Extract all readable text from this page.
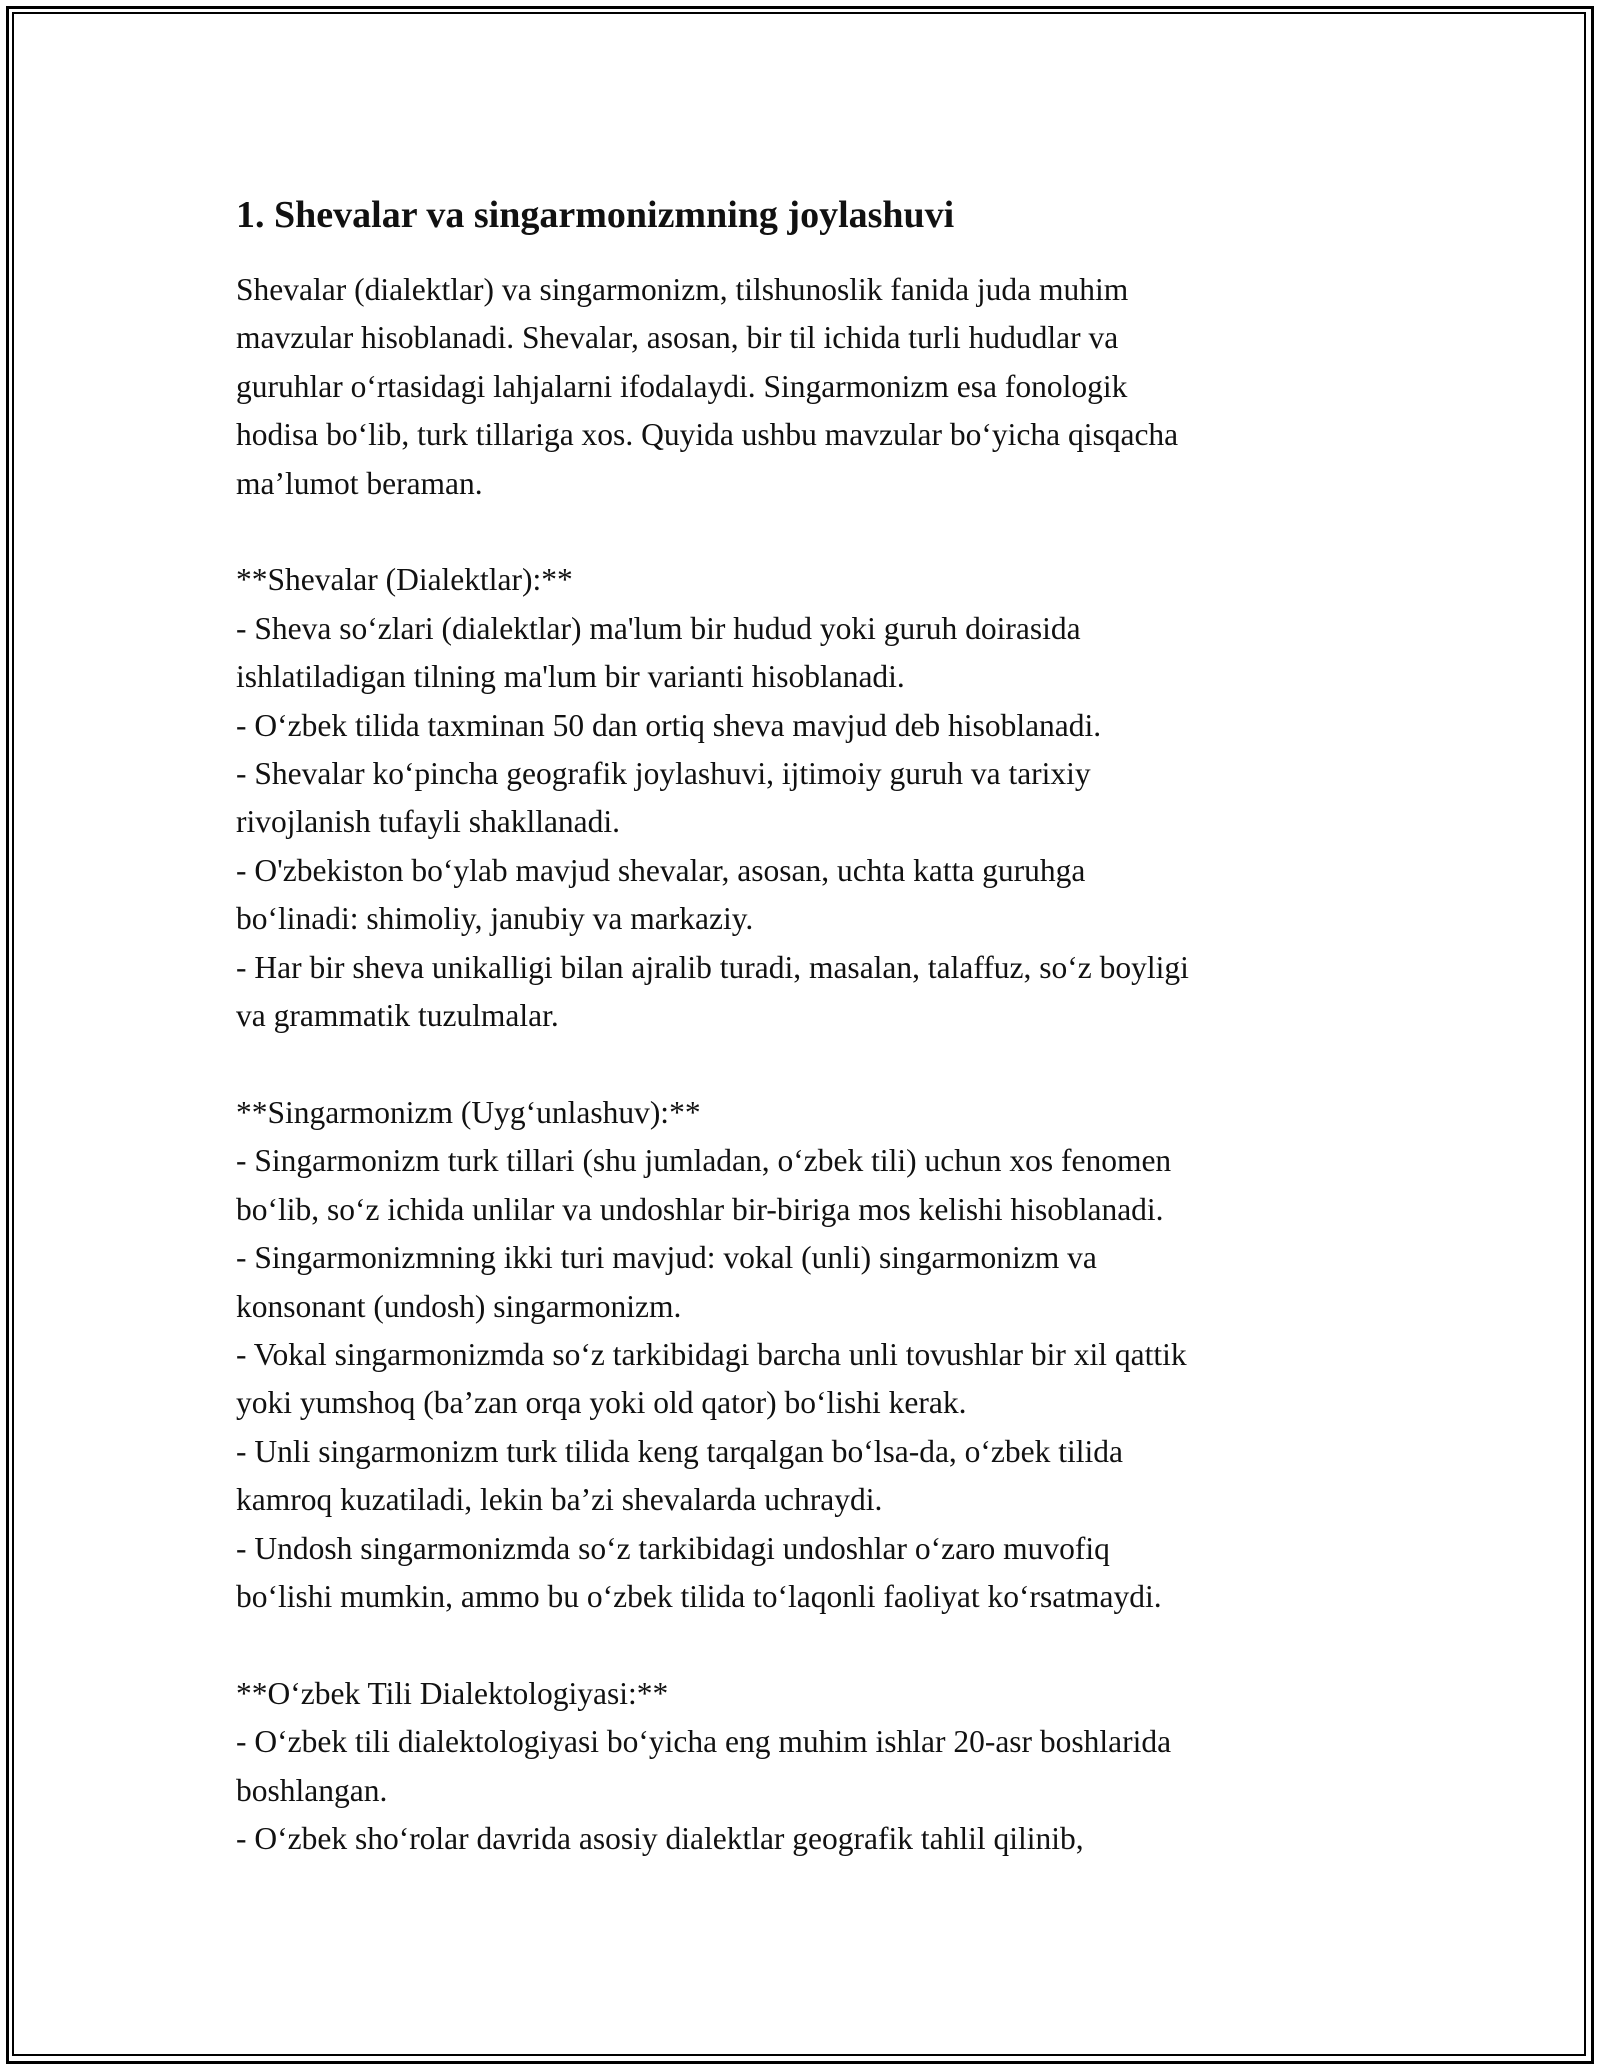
1. Shevalar va singarmonizmning joylashuvi
Shevalar (dialektlar) va singarmonizm, tilshunoslik fanida juda muhim
mavzular hisoblanadi. Shevalar, asosan, bir til ichida turli hududlar va
guruhlar o‘rtasidagi lahjalarni ifodalaydi. Singarmonizm esa fonologik
hodisa bo‘lib, turk tillariga xos. Quyida ushbu mavzular bo‘yicha qisqacha
ma’lumot beraman.
**Shevalar (Dialektlar):**
- Sheva so‘zlari (dialektlar) ma'lum bir hudud yoki guruh doirasida
ishlatiladigan tilning ma'lum bir varianti hisoblanadi.
- O‘zbek tilida taxminan 50 dan ortiq sheva mavjud deb hisoblanadi.
- Shevalar ko‘pincha geografik joylashuvi, ijtimoiy guruh va tarixiy
rivojlanish tufayli shakllanadi.
- O'zbekiston bo‘ylab mavjud shevalar, asosan, uchta katta guruhga
bo‘linadi: shimoliy, janubiy va markaziy.
- Har bir sheva unikalligi bilan ajralib turadi, masalan, talaffuz, so‘z boyligi
va grammatik tuzulmalar.
**Singarmonizm (Uyg‘unlashuv):**
- Singarmonizm turk tillari (shu jumladan, o‘zbek tili) uchun xos fenomen
bo‘lib, so‘z ichida unlilar va undoshlar bir-biriga mos kelishi hisoblanadi.
- Singarmonizmning ikki turi mavjud: vokal (unli) singarmonizm va
konsonant (undosh) singarmonizm.
- Vokal singarmonizmda so‘z tarkibidagi barcha unli tovushlar bir xil qattik
yoki yumshoq (ba’zan orqa yoki old qator) bo‘lishi kerak.
- Unli singarmonizm turk tilida keng tarqalgan bo‘lsa-da, o‘zbek tilida
kamroq kuzatiladi, lekin ba’zi shevalarda uchraydi.
- Undosh singarmonizmda so‘z tarkibidagi undoshlar o‘zaro muvofiq
bo‘lishi mumkin, ammo bu o‘zbek tilida to‘laqonli faoliyat ko‘rsatmaydi.
**O‘zbek Tili Dialektologiyasi:**
- O‘zbek tili dialektologiyasi bo‘yicha eng muhim ishlar 20-asr boshlarida
boshlangan.
- O‘zbek sho‘rolar davrida asosiy dialektlar geografik tahlil qilinib,
